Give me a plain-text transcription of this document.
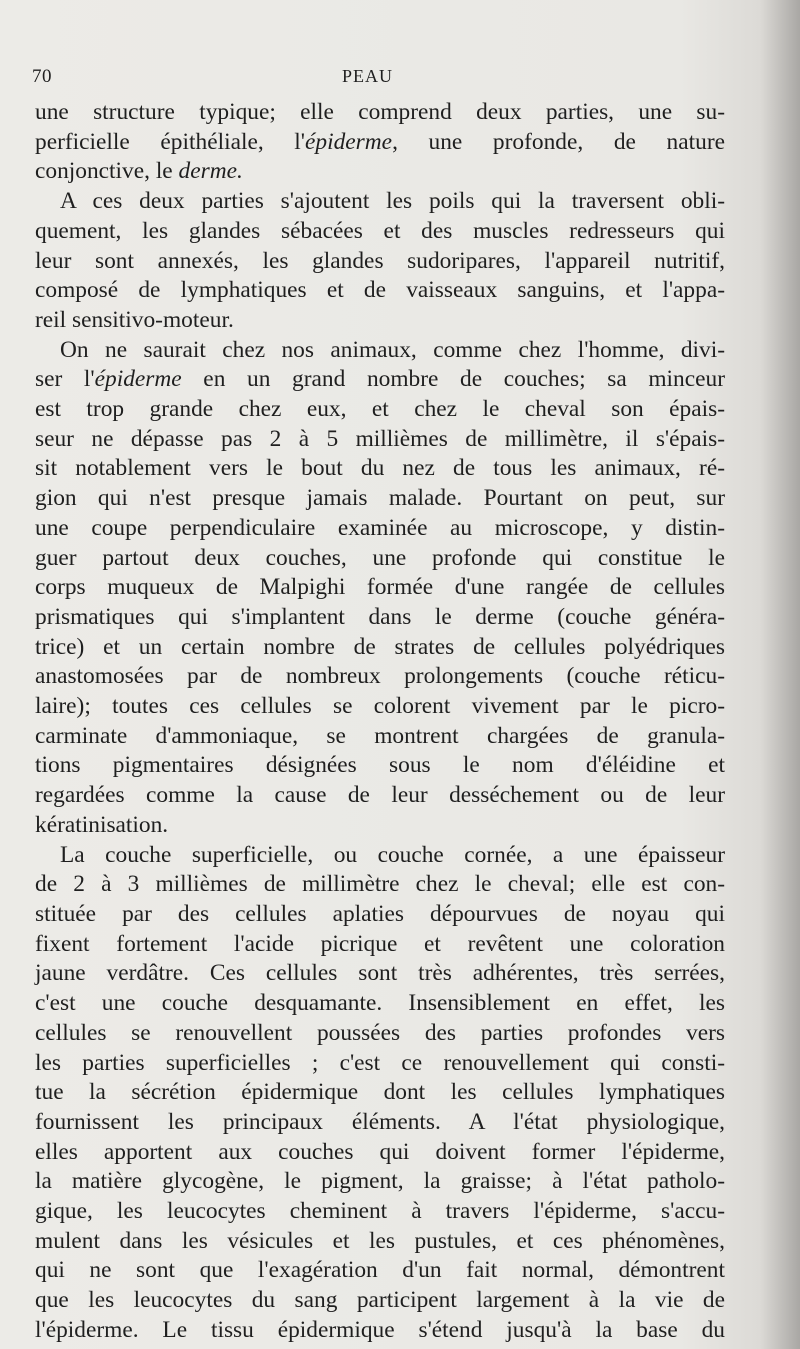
70	PEAU

une structure typique; elle comprend deux parties, une su-
perficielle épithéliale, l'épiderme, une profonde, de nature
conjonctive, le derme.

A ces deux parties s'ajoutent les poils qui la traversent obli-
quement, les glandes sébacées et des muscles redresseurs qui
leur sont annexés, les glandes sudoripares, l'appareil nutritif,
composé de lymphatiques et de vaisseaux sanguins, et l'appa-
reil sensitivo-moteur.

On ne saurait chez nos animaux, comme chez l'homme, divi-
ser l'épiderme en un grand nombre de couches; sa minceur
est trop grande chez eux, et chez le cheval son épais-
seur ne dépasse pas 2 à 5 millièmes de millimètre, il s'épais-
sit notablement vers le bout du nez de tous les animaux, ré-
gion qui n'est presque jamais malade. Pourtant on peut, sur
une coupe perpendiculaire examinée au microscope, y distin-
guer partout deux couches, une profonde qui constitue le
corps muqueux de Malpighi formée d'une rangée de cellules
prismatiques qui s'implantent dans le derme (couche généra-
trice) et un certain nombre de strates de cellules polyédriques
anastomosées par de nombreux prolongements (couche réticu-
laire); toutes ces cellules se colorent vivement par le picro-
carminate d'ammoniaque, se montrent chargées de granula-
tions pigmentaires désignées sous le nom d'éléidine et
regardées comme la cause de leur desséchement ou de leur
kératinisation.

La couche superficielle, ou couche cornée, a une épaisseur
de 2 à 3 millièmes de millimètre chez le cheval; elle est con-
stituée par des cellules aplaties dépourvues de noyau qui
fixent fortement l'acide picrique et revêtent une coloration
jaune verdâtre. Ces cellules sont très adhérentes, très serrées,
c'est une couche desquamante. Insensiblement en effet, les
cellules se renouvellent poussées des parties profondes vers
les parties superficielles ; c'est ce renouvellement qui consti-
tue la sécrétion épidermique dont les cellules lymphatiques
fournissent les principaux éléments. A l'état physiologique,
elles apportent aux couches qui doivent former l'épiderme,
la matière glycogène, le pigment, la graisse; à l'état patholo-
gique, les leucocytes cheminent à travers l'épiderme, s'accu-
mulent dans les vésicules et les pustules, et ces phénomènes,
qui ne sont que l'exagération d'un fait normal, démontrent
que les leucocytes du sang participent largement à la vie de
l'épiderme. Le tissu épidermique s'étend jusqu'à la base du
